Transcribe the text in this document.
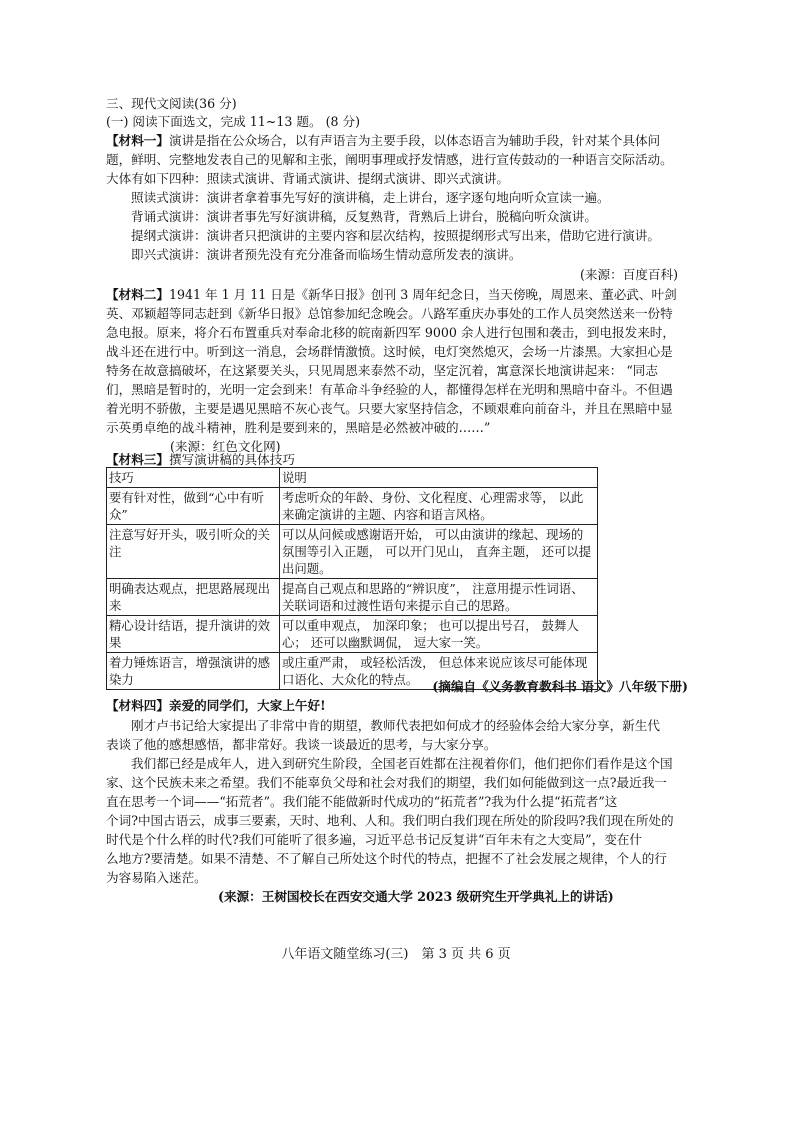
三、现代文阅读(36 分)
(一) 阅读下面选文，完成 11~13 题。 (8 分)
【材料一】演讲是指在公众场合，以有声语言为主要手段，以体态语言为辅助手段，针对某个具体问
题，鲜明、完整地发表自己的见解和主张，阐明事理或抒发情感，进行宣传鼓动的一种语言交际活动。
大体有如下四种：照读式演讲、背诵式演讲、提纲式演讲、即兴式演讲。
照读式演讲：演讲者拿着事先写好的演讲稿，走上讲台，逐字逐句地向听众宣读一遍。
背诵式演讲：演讲者事先写好演讲稿，反复熟背，背熟后上讲台，脱稿向听众演讲。
提纲式演讲：演讲者只把演讲的主要内容和层次结构，按照提纲形式写出来，借助它进行演讲。
即兴式演讲：演讲者预先没有充分准备而临场生情动意所发表的演讲。
(来源：百度百科)
【材料二】1941 年 1 月 11 日是《新华日报》创刊 3 周年纪念日，当天傍晚，周恩来、董必武、叶剑
英、邓颖超等同志赶到《新华日报》总馆参加纪念晚会。八路军重庆办事处的工作人员突然送来一份特
急电报。原来，将介石布置重兵对奉命北移的皖南新四军 9000 余人进行包围和袭击，到电报发来时，
战斗还在进行中。听到这一消息，会场群情激愤。这时候，电灯突然熄灭，会场一片漆黑。大家担心是
特务在故意搞破坏，在这紧要关头，只见周恩来泰然不动，坚定沉着，寓意深长地演讲起来： “同志
们，黑暗是暂时的，光明一定会到来！有革命斗争经验的人，都懂得怎样在光明和黑暗中奋斗。不但遇
着光明不骄傲，主要是遇见黑暗不灰心丧气。只要大家坚持信念，不顾艰难向前奋斗，并且在黑暗中显
示英勇卓绝的战斗精神，胜利是要到来的，黑暗是必然被冲破的……”
(来源：红色文化网)
【材料三】撰写演讲稿的具体技巧
技巧	说明
要有针对性，做到“心中有听众”	考虑听众的年龄、身份、文化程度、心理需求等， 以此来确定演讲的主题、内容和语言风格。
注意写好开头，吸引听众的关注	可以从问候或感谢语开始， 可以由演讲的缘起、现场的氛围等引入正题， 可以开门见山， 直奔主题， 还可以提出问题。
明确表达观点，把思路展现出来	提高自己观点和思路的“辨识度”， 注意用提示性词语、关联词语和过渡性语句来提示自己的思路。
精心设计结语，提升演讲的效果	可以重申观点， 加深印象； 也可以提出号召， 鼓舞人心； 还可以幽默调侃， 逗大家一笑。
着力锤炼语言，增强演讲的感染力	或庄重严肃， 或轻松活泼， 但总体来说应该尽可能体现口语化、大众化的特点。	(摘编自《义务教育教科书 语文》八年级下册)
【材料四】亲爱的同学们，大家上午好!
刚才卢书记给大家提出了非常中肯的期望，教师代表把如何成才的经验体会给大家分享，新生代
表谈了他的感想感悟，都非常好。我谈一谈最近的思考，与大家分享。
我们都已经是成年人，进入到研究生阶段，全国老百姓都在注视着你们，他们把你们看作是这个国
家、这个民族未来之希望。我们不能辜负父母和社会对我们的期望，我们如何能做到这一点?最近我一
直在思考一个词——“拓荒者”。我们能不能做新时代成功的“拓荒者”?我为什么提“拓荒者”这
个词?中国古语云，成事三要素，天时、地利、人和。我们明白我们现在所处的阶段吗?我们现在所处的
时代是个什么样的时代?我们可能听了很多遍，习近平总书记反复讲“百年未有之大变局”，变在什
么地方?要清楚。如果不清楚、不了解自己所处这个时代的特点，把握不了社会发展之规律，个人的行
为容易陷入迷茫。
(来源：王树国校长在西安交通大学 2023 级研究生开学典礼上的讲话)
八年语文随堂练习(三)　第 3 页 共 6 页
